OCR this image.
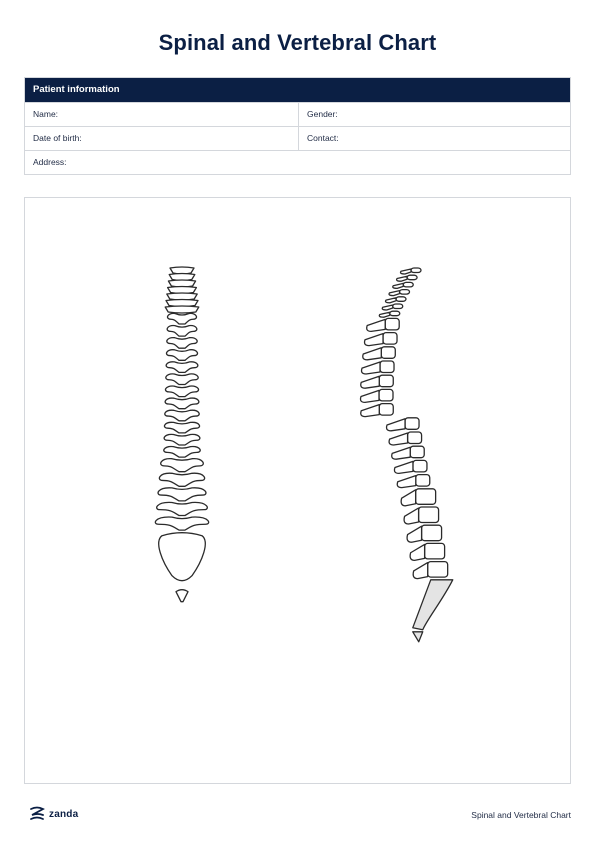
Spinal and Vertebral Chart
Patient information
Name:	Gender:
Date of birth:	Contact:
Address:
zanda	Spinal and Vertebral Chart
